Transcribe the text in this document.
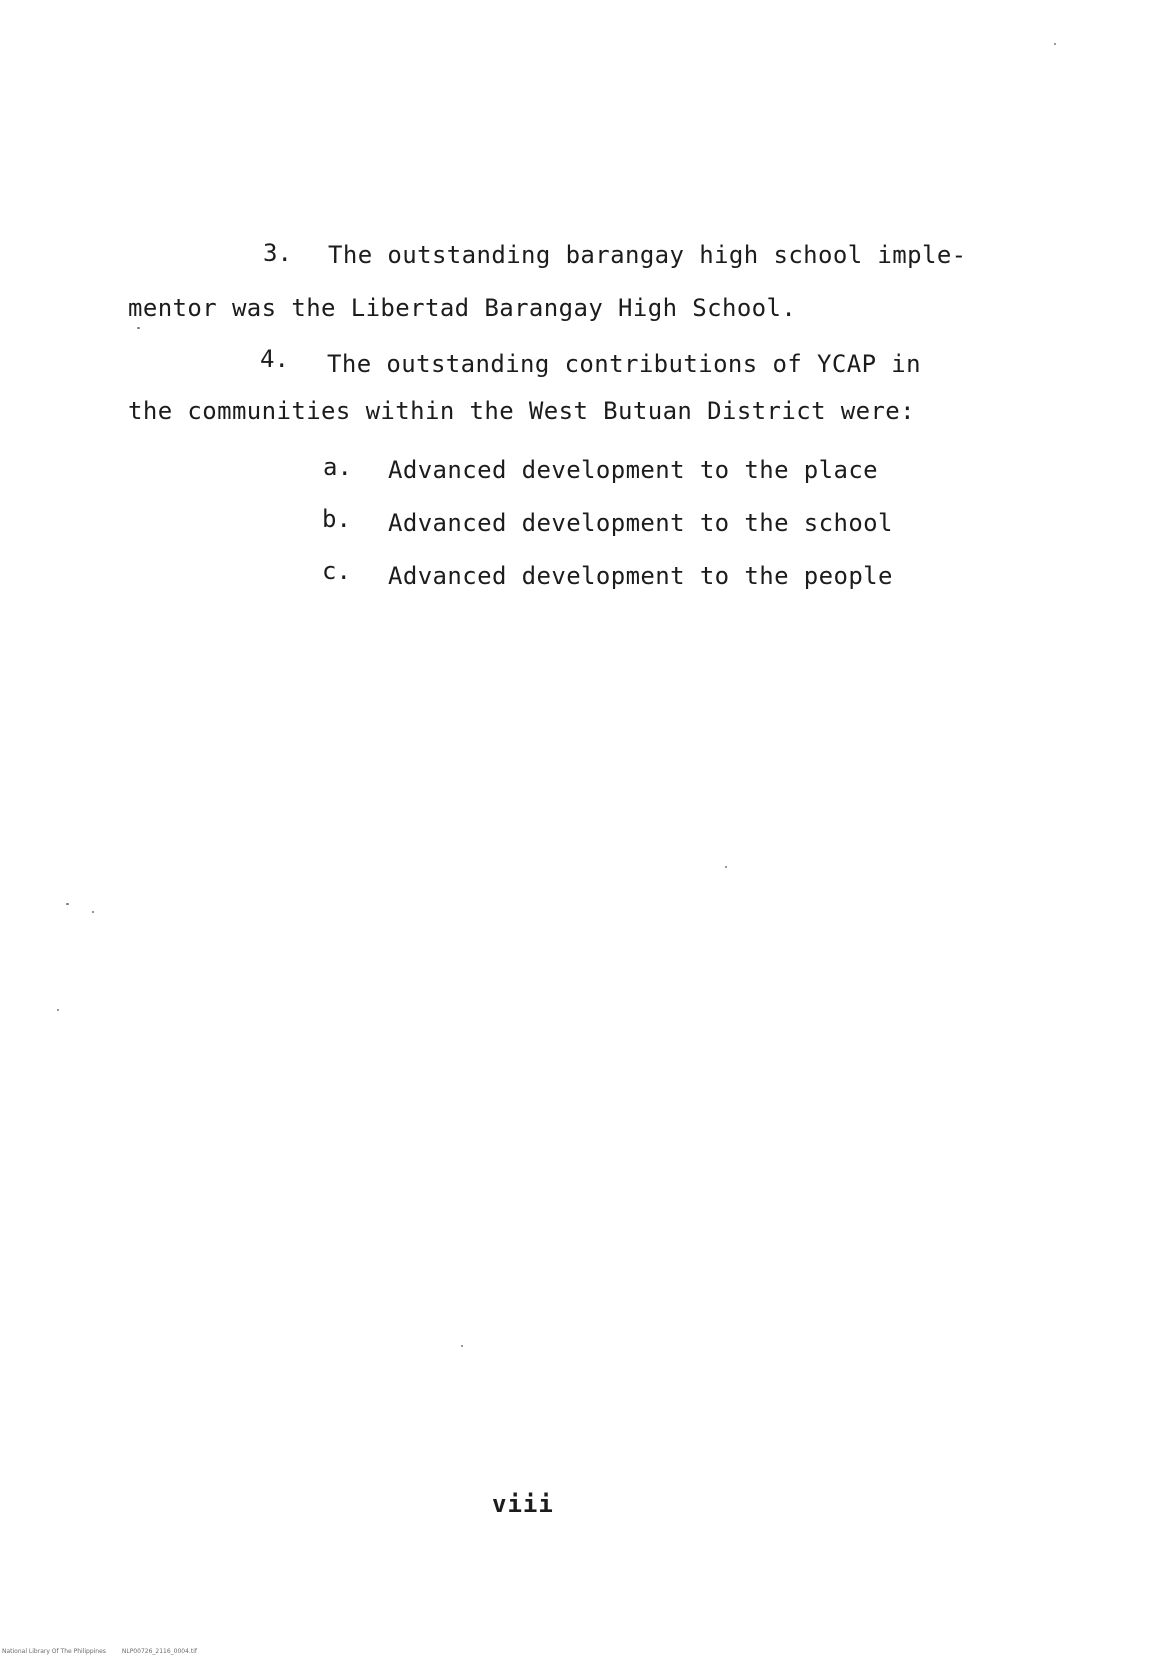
3. The outstanding barangay high school imple-
mentor was the Libertad Barangay High School.
4. The outstanding contributions of YCAP in
the communities within the West Butuan District were:
a. Advanced development to the place
b. Advanced development to the school
c. Advanced development to the people
viii
National Library Of The Philippines	NLP00726_2116_0004.tif
